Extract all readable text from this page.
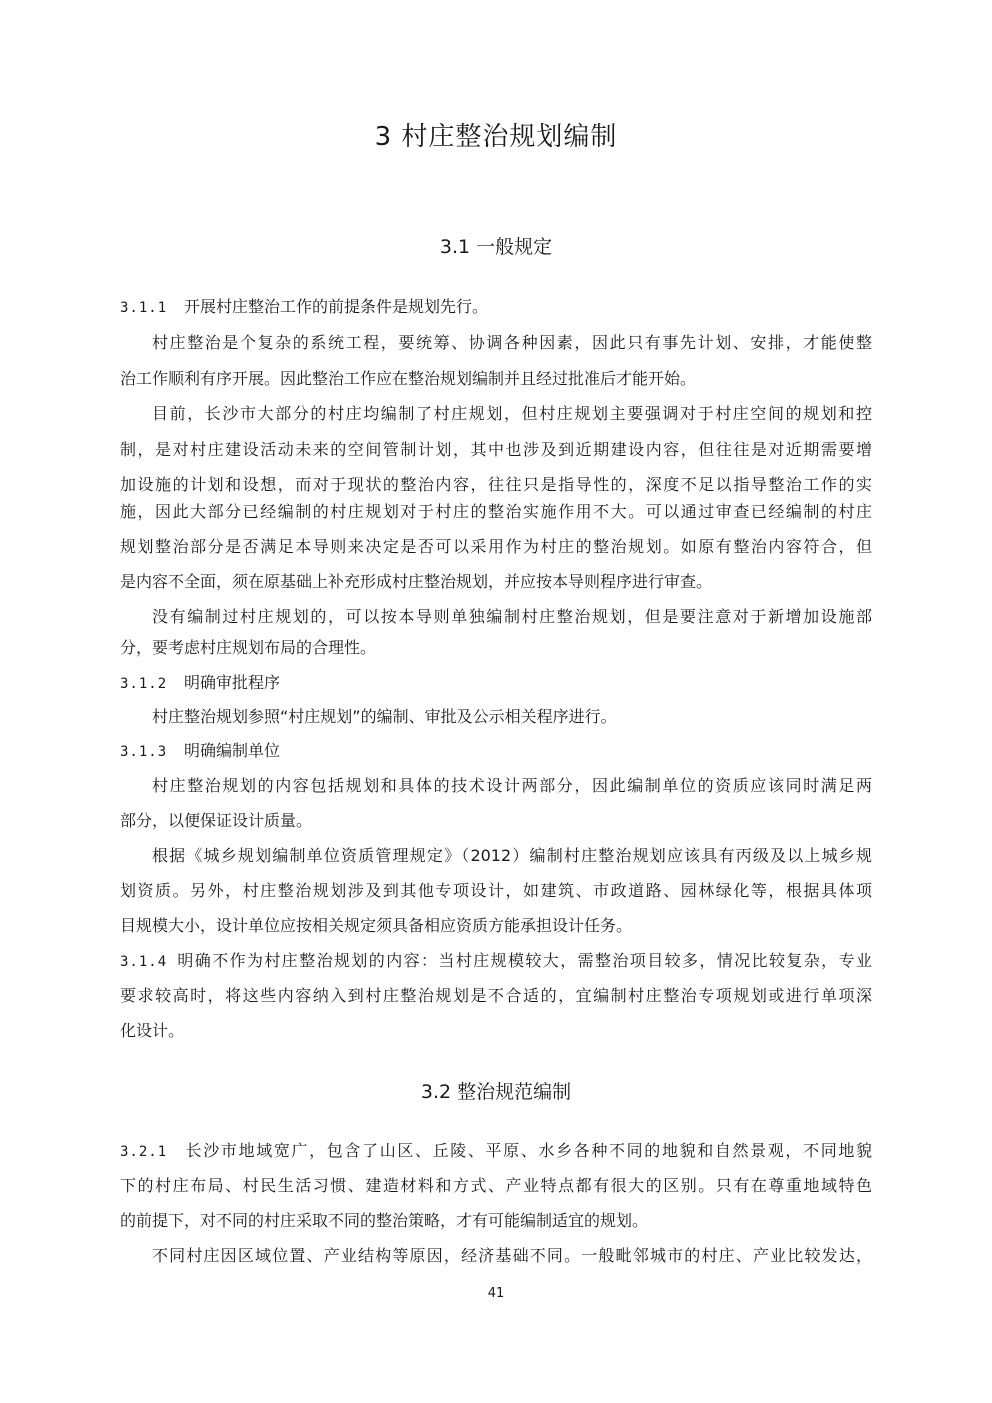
3 村庄整治规划编制
3.1 一般规定
3.1.1 开展村庄整治工作的前提条件是规划先行。
村庄整治是个复杂的系统工程，要统筹、协调各种因素，因此只有事先计划、安排，才能使整
治工作顺利有序开展。因此整治工作应在整治规划编制并且经过批准后才能开始。
目前，长沙市大部分的村庄均编制了村庄规划，但村庄规划主要强调对于村庄空间的规划和控
制，是对村庄建设活动未来的空间管制计划，其中也涉及到近期建设内容，但往往是对近期需要增
加设施的计划和设想，而对于现状的整治内容，往往只是指导性的，深度不足以指导整治工作的实
施，因此大部分已经编制的村庄规划对于村庄的整治实施作用不大。可以通过审查已经编制的村庄
规划整治部分是否满足本导则来决定是否可以采用作为村庄的整治规划。如原有整治内容符合，但
是内容不全面，须在原基础上补充形成村庄整治规划，并应按本导则程序进行审查。
没有编制过村庄规划的，可以按本导则单独编制村庄整治规划，但是要注意对于新增加设施部
分，要考虑村庄规划布局的合理性。
3.1.2 明确审批程序
村庄整治规划参照“村庄规划”的编制、审批及公示相关程序进行。
3.1.3 明确编制单位
村庄整治规划的内容包括规划和具体的技术设计两部分，因此编制单位的资质应该同时满足两
部分，以便保证设计质量。
根据《城乡规划编制单位资质管理规定》（2012）编制村庄整治规划应该具有丙级及以上城乡规
划资质。另外，村庄整治规划涉及到其他专项设计，如建筑、市政道路、园林绿化等，根据具体项
目规模大小，设计单位应按相关规定须具备相应资质方能承担设计任务。
3.1.4 明确不作为村庄整治规划的内容：当村庄规模较大，需整治项目较多，情况比较复杂，专业
要求较高时，将这些内容纳入到村庄整治规划是不合适的，宜编制村庄整治专项规划或进行单项深
化设计。
3.2 整治规范编制
3.2.1 长沙市地域宽广，包含了山区、丘陵、平原、水乡各种不同的地貌和自然景观，不同地貌
下的村庄布局、村民生活习惯、建造材料和方式、产业特点都有很大的区别。只有在尊重地域特色
的前提下，对不同的村庄采取不同的整治策略，才有可能编制适宜的规划。
不同村庄因区域位置、产业结构等原因，经济基础不同。一般毗邻城市的村庄、产业比较发达，
41
